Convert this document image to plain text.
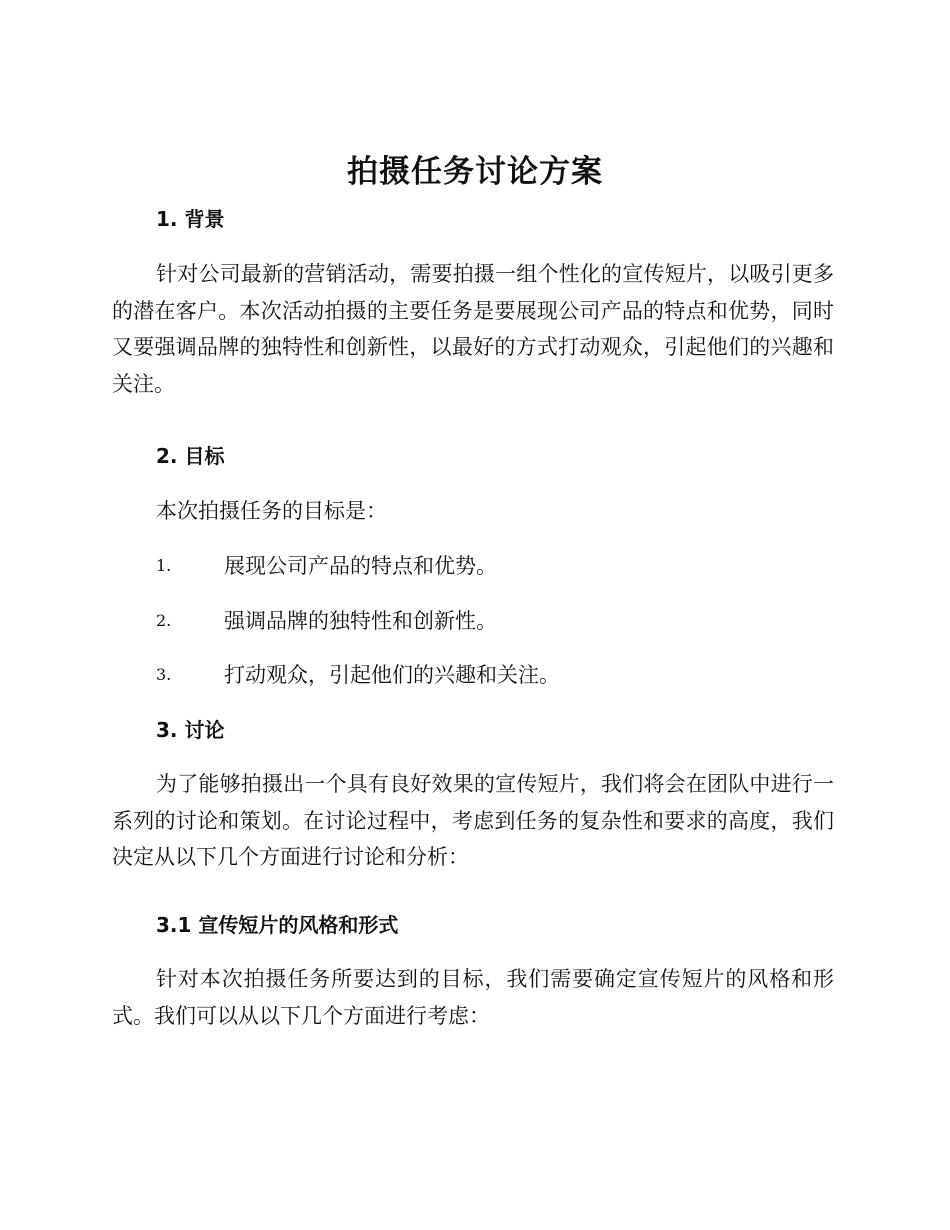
拍摄任务讨论方案
1. 背景

针对公司最新的营销活动，需要拍摄一组个性化的宣传短片，以吸引更多的潜在客户。本次活动拍摄的主要任务是要展现公司产品的特点和优势，同时又要强调品牌的独特性和创新性，以最好的方式打动观众，引起他们的兴趣和关注。

2. 目标

本次拍摄任务的目标是：

1.	展现公司产品的特点和优势。
2.	强调品牌的独特性和创新性。
3.	打动观众，引起他们的兴趣和关注。
3. 讨论

为了能够拍摄出一个具有良好效果的宣传短片，我们将会在团队中进行一系列的讨论和策划。在讨论过程中，考虑到任务的复杂性和要求的高度，我们决定从以下几个方面进行讨论和分析：

3.1 宣传短片的风格和形式

针对本次拍摄任务所要达到的目标，我们需要确定宣传短片的风格和形式。我们可以从以下几个方面进行考虑：
